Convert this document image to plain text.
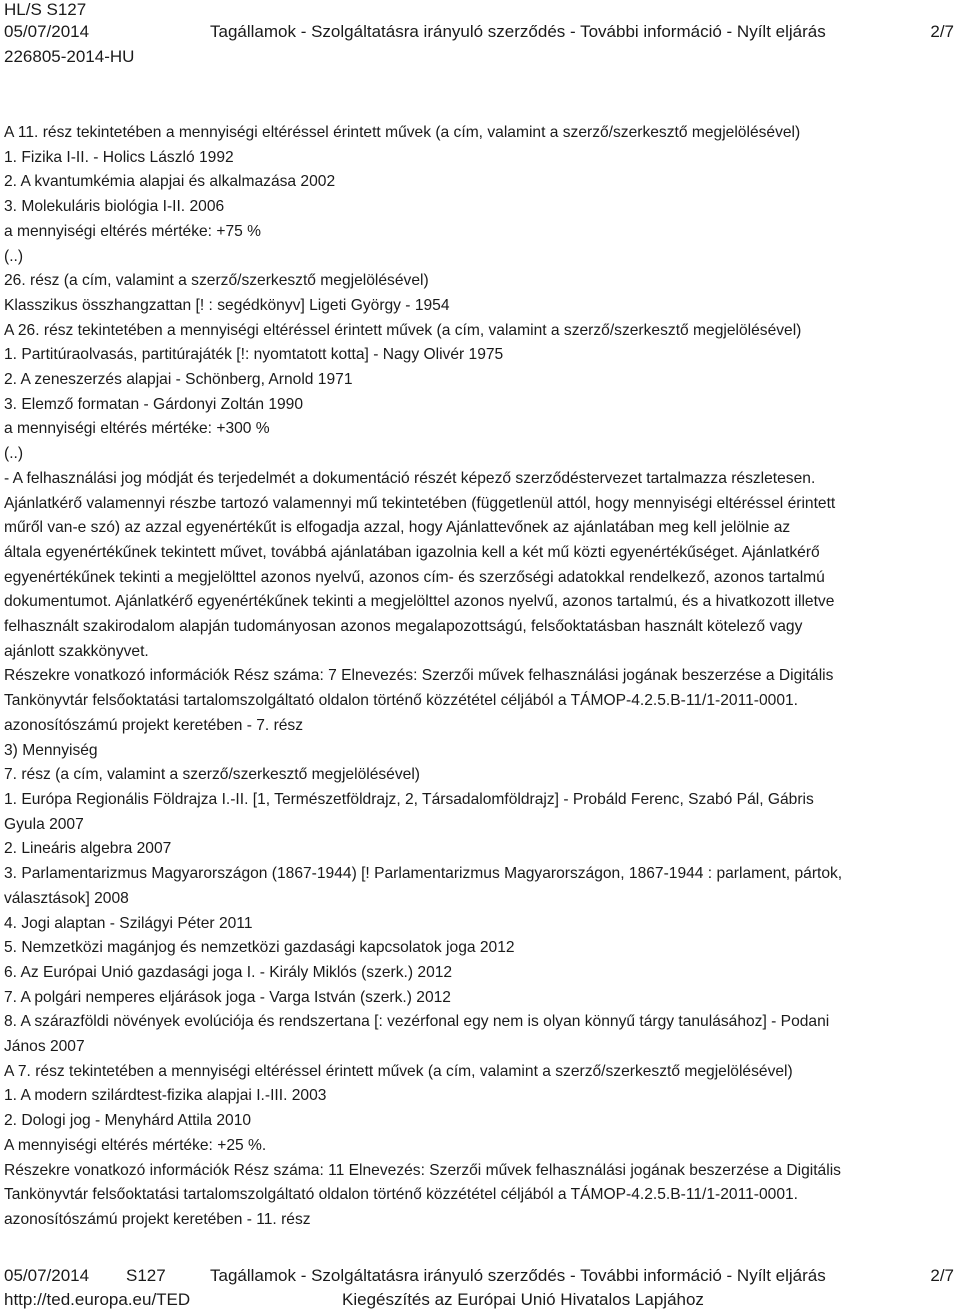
HL/S S127
05/07/2014
226805-2014-HU
Tagállamok - Szolgáltatásra irányuló szerződés - További információ - Nyílt eljárás	2/7

A 11. rész tekintetében a mennyiségi eltéréssel érintett művek (a cím, valamint a szerző/szerkesztő megjelölésével)

1. Fizika I-II. - Holics László 1992

2. A kvantumkémia alapjai és alkalmazása 2002

3. Molekuláris biológia I-II. 2006

a mennyiségi eltérés mértéke: +75 %

(..)

26. rész (a cím, valamint a szerző/szerkesztő megjelölésével)

Klasszikus összhangzattan [! : segédkönyv] Ligeti György - 1954

A 26. rész tekintetében a mennyiségi eltéréssel érintett művek (a cím, valamint a szerző/szerkesztő megjelölésével)

1. Partitúraolvasás, partitúrajáték [!: nyomtatott kotta] - Nagy Olivér 1975

2. A zeneszerzés alapjai - Schönberg, Arnold 1971

3. Elemző formatan - Gárdonyi Zoltán 1990

a mennyiségi eltérés mértéke: +300 %

(..)

- A felhasználási jog módját és terjedelmét a dokumentáció részét képező szerződéstervezet tartalmazza részletesen.

Ajánlatkérő valamennyi részbe tartozó valamennyi mű tekintetében (függetlenül attól, hogy mennyiségi eltéréssel érintett

műről van-e szó) az azzal egyenértékűt is elfogadja azzal, hogy Ajánlattevőnek az ajánlatában meg kell jelölnie az

általa egyenértékűnek tekintett művet, továbbá ajánlatában igazolnia kell a két mű közti egyenértékűséget. Ajánlatkérő

egyenértékűnek tekinti a megjelölttel azonos nyelvű, azonos cím- és szerzőségi adatokkal rendelkező, azonos tartalmú

dokumentumot. Ajánlatkérő egyenértékűnek tekinti a megjelölttel azonos nyelvű, azonos tartalmú, és a hivatkozott illetve

felhasznált szakirodalom alapján tudományosan azonos megalapozottságú, felsőoktatásban használt kötelező vagy

ajánlott szakkönyvet.

Részekre vonatkozó információk Rész száma: 7 Elnevezés: Szerzői művek felhasználási jogának beszerzése a Digitális

Tankönyvtár felsőoktatási tartalomszolgáltató oldalon történő közzététel céljából a TÁMOP-4.2.5.B-11/1-2011-0001.

azonosítószámú projekt keretében - 7. rész

3) Mennyiség

7. rész (a cím, valamint a szerző/szerkesztő megjelölésével)

1. Európa Regionális Földrajza I.-II. [1, Természetföldrajz, 2, Társadalomföldrajz] - Probáld Ferenc, Szabó Pál, Gábris

Gyula 2007

2. Lineáris algebra 2007

3. Parlamentarizmus Magyarországon (1867-1944) [! Parlamentarizmus Magyarországon, 1867-1944 : parlament, pártok,

választások] 2008

4. Jogi alaptan - Szilágyi Péter 2011

5. Nemzetközi magánjog és nemzetközi gazdasági kapcsolatok joga 2012

6. Az Európai Unió gazdasági joga I. - Király Miklós (szerk.) 2012

7. A polgári nemperes eljárások joga - Varga István (szerk.) 2012

8. A szárazföldi növények evolúciója és rendszertana [: vezérfonal egy nem is olyan könnyű tárgy tanulásához] - Podani

János 2007

A 7. rész tekintetében a mennyiségi eltéréssel érintett művek (a cím, valamint a szerző/szerkesztő megjelölésével)

1. A modern szilárdtest-fizika alapjai I.-III. 2003

2. Dologi jog - Menyhárd Attila 2010

A mennyiségi eltérés mértéke: +25 %.

Részekre vonatkozó információk Rész száma: 11 Elnevezés: Szerzői művek felhasználási jogának beszerzése a Digitális

Tankönyvtár felsőoktatási tartalomszolgáltató oldalon történő közzététel céljából a TÁMOP-4.2.5.B-11/1-2011-0001.

azonosítószámú projekt keretében - 11. rész

05/07/2014 S127	Tagállamok - Szolgáltatásra irányuló szerződés - További információ - Nyílt eljárás	2/7
http://ted.europa.eu/TED	Kiegészítés az Európai Unió Hivatalos Lapjához
